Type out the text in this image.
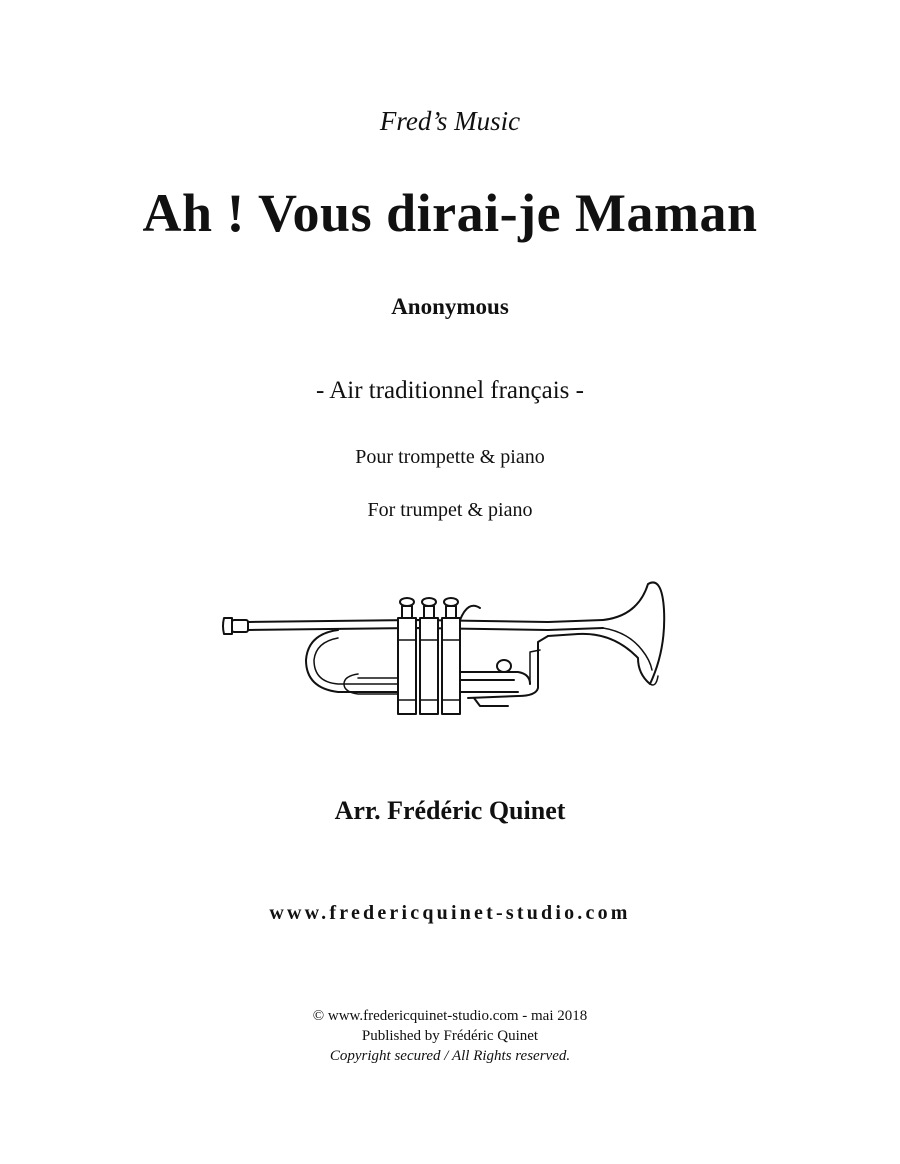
Fred’s Music
Ah ! Vous dirai-je Maman
Anonymous
- Air traditionnel français -
Pour trompette & piano
For trumpet & piano
Arr. Frédéric Quinet
www.fredericquinet-studio.com
© www.fredericquinet-studio.com - mai 2018
Published by Frédéric Quinet
Copyright secured / All Rights reserved.
